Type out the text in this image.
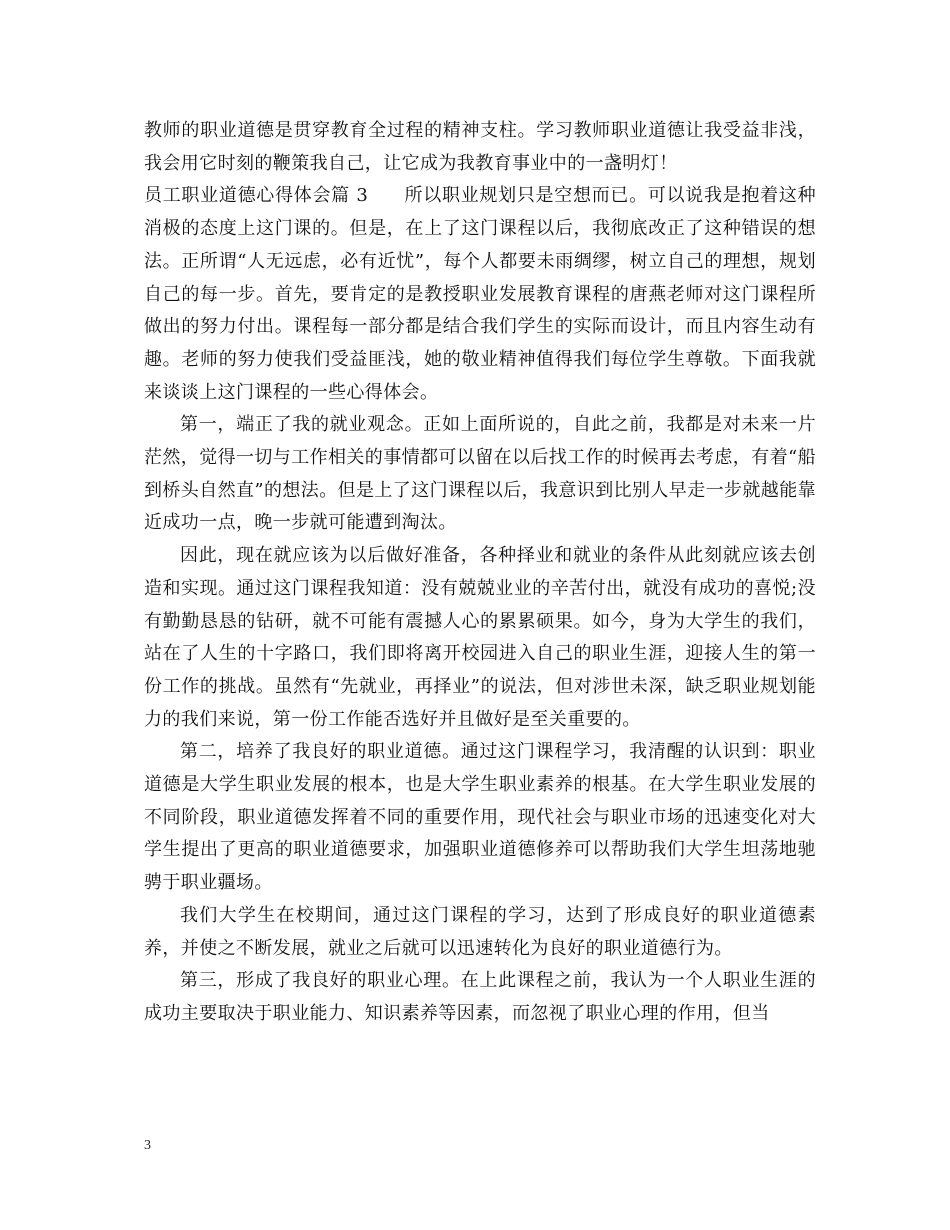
教师的职业道德是贯穿教育全过程的精神支柱。学习教师职业道德让我受益非浅，我会用它时刻的鞭策我自己，让它成为我教育事业中的一盏明灯！

员工职业道德心得体会篇 3 所以职业规划只是空想而已。可以说我是抱着这种消极的态度上这门课的。但是，在上了这门课程以后，我彻底改正了这种错误的想法。正所谓“人无远虑，必有近忧”，每个人都要未雨绸缪，树立自己的理想，规划自己的每一步。首先，要肯定的是教授职业发展教育课程的唐燕老师对这门课程所做出的努力付出。课程每一部分都是结合我们学生的实际而设计，而且内容生动有趣。老师的努力使我们受益匪浅，她的敬业精神值得我们每位学生尊敬。下面我就来谈谈上这门课程的一些心得体会。

第一，端正了我的就业观念。正如上面所说的，自此之前，我都是对未来一片茫然，觉得一切与工作相关的事情都可以留在以后找工作的时候再去考虑，有着“船到桥头自然直”的想法。但是上了这门课程以后，我意识到比别人早走一步就越能靠近成功一点，晚一步就可能遭到淘汰。

因此，现在就应该为以后做好准备，各种择业和就业的条件从此刻就应该去创造和实现。通过这门课程我知道：没有兢兢业业的辛苦付出，就没有成功的喜悦;没有勤勤恳恳的钻研，就不可能有震撼人心的累累硕果。如今，身为大学生的我们，站在了人生的十字路口，我们即将离开校园进入自己的职业生涯，迎接人生的第一份工作的挑战。虽然有“先就业，再择业”的说法，但对涉世未深，缺乏职业规划能力的我们来说，第一份工作能否选好并且做好是至关重要的。

第二，培养了我良好的职业道德。通过这门课程学习，我清醒的认识到：职业道德是大学生职业发展的根本，也是大学生职业素养的根基。在大学生职业发展的不同阶段，职业道德发挥着不同的重要作用，现代社会与职业市场的迅速变化对大学生提出了更高的职业道德要求，加强职业道德修养可以帮助我们大学生坦荡地驰骋于职业疆场。

我们大学生在校期间，通过这门课程的学习，达到了形成良好的职业道德素养，并使之不断发展，就业之后就可以迅速转化为良好的职业道德行为。

第三，形成了我良好的职业心理。在上此课程之前，我认为一个人职业生涯的成功主要取决于职业能力、知识素养等因素，而忽视了职业心理的作用，但当

3
